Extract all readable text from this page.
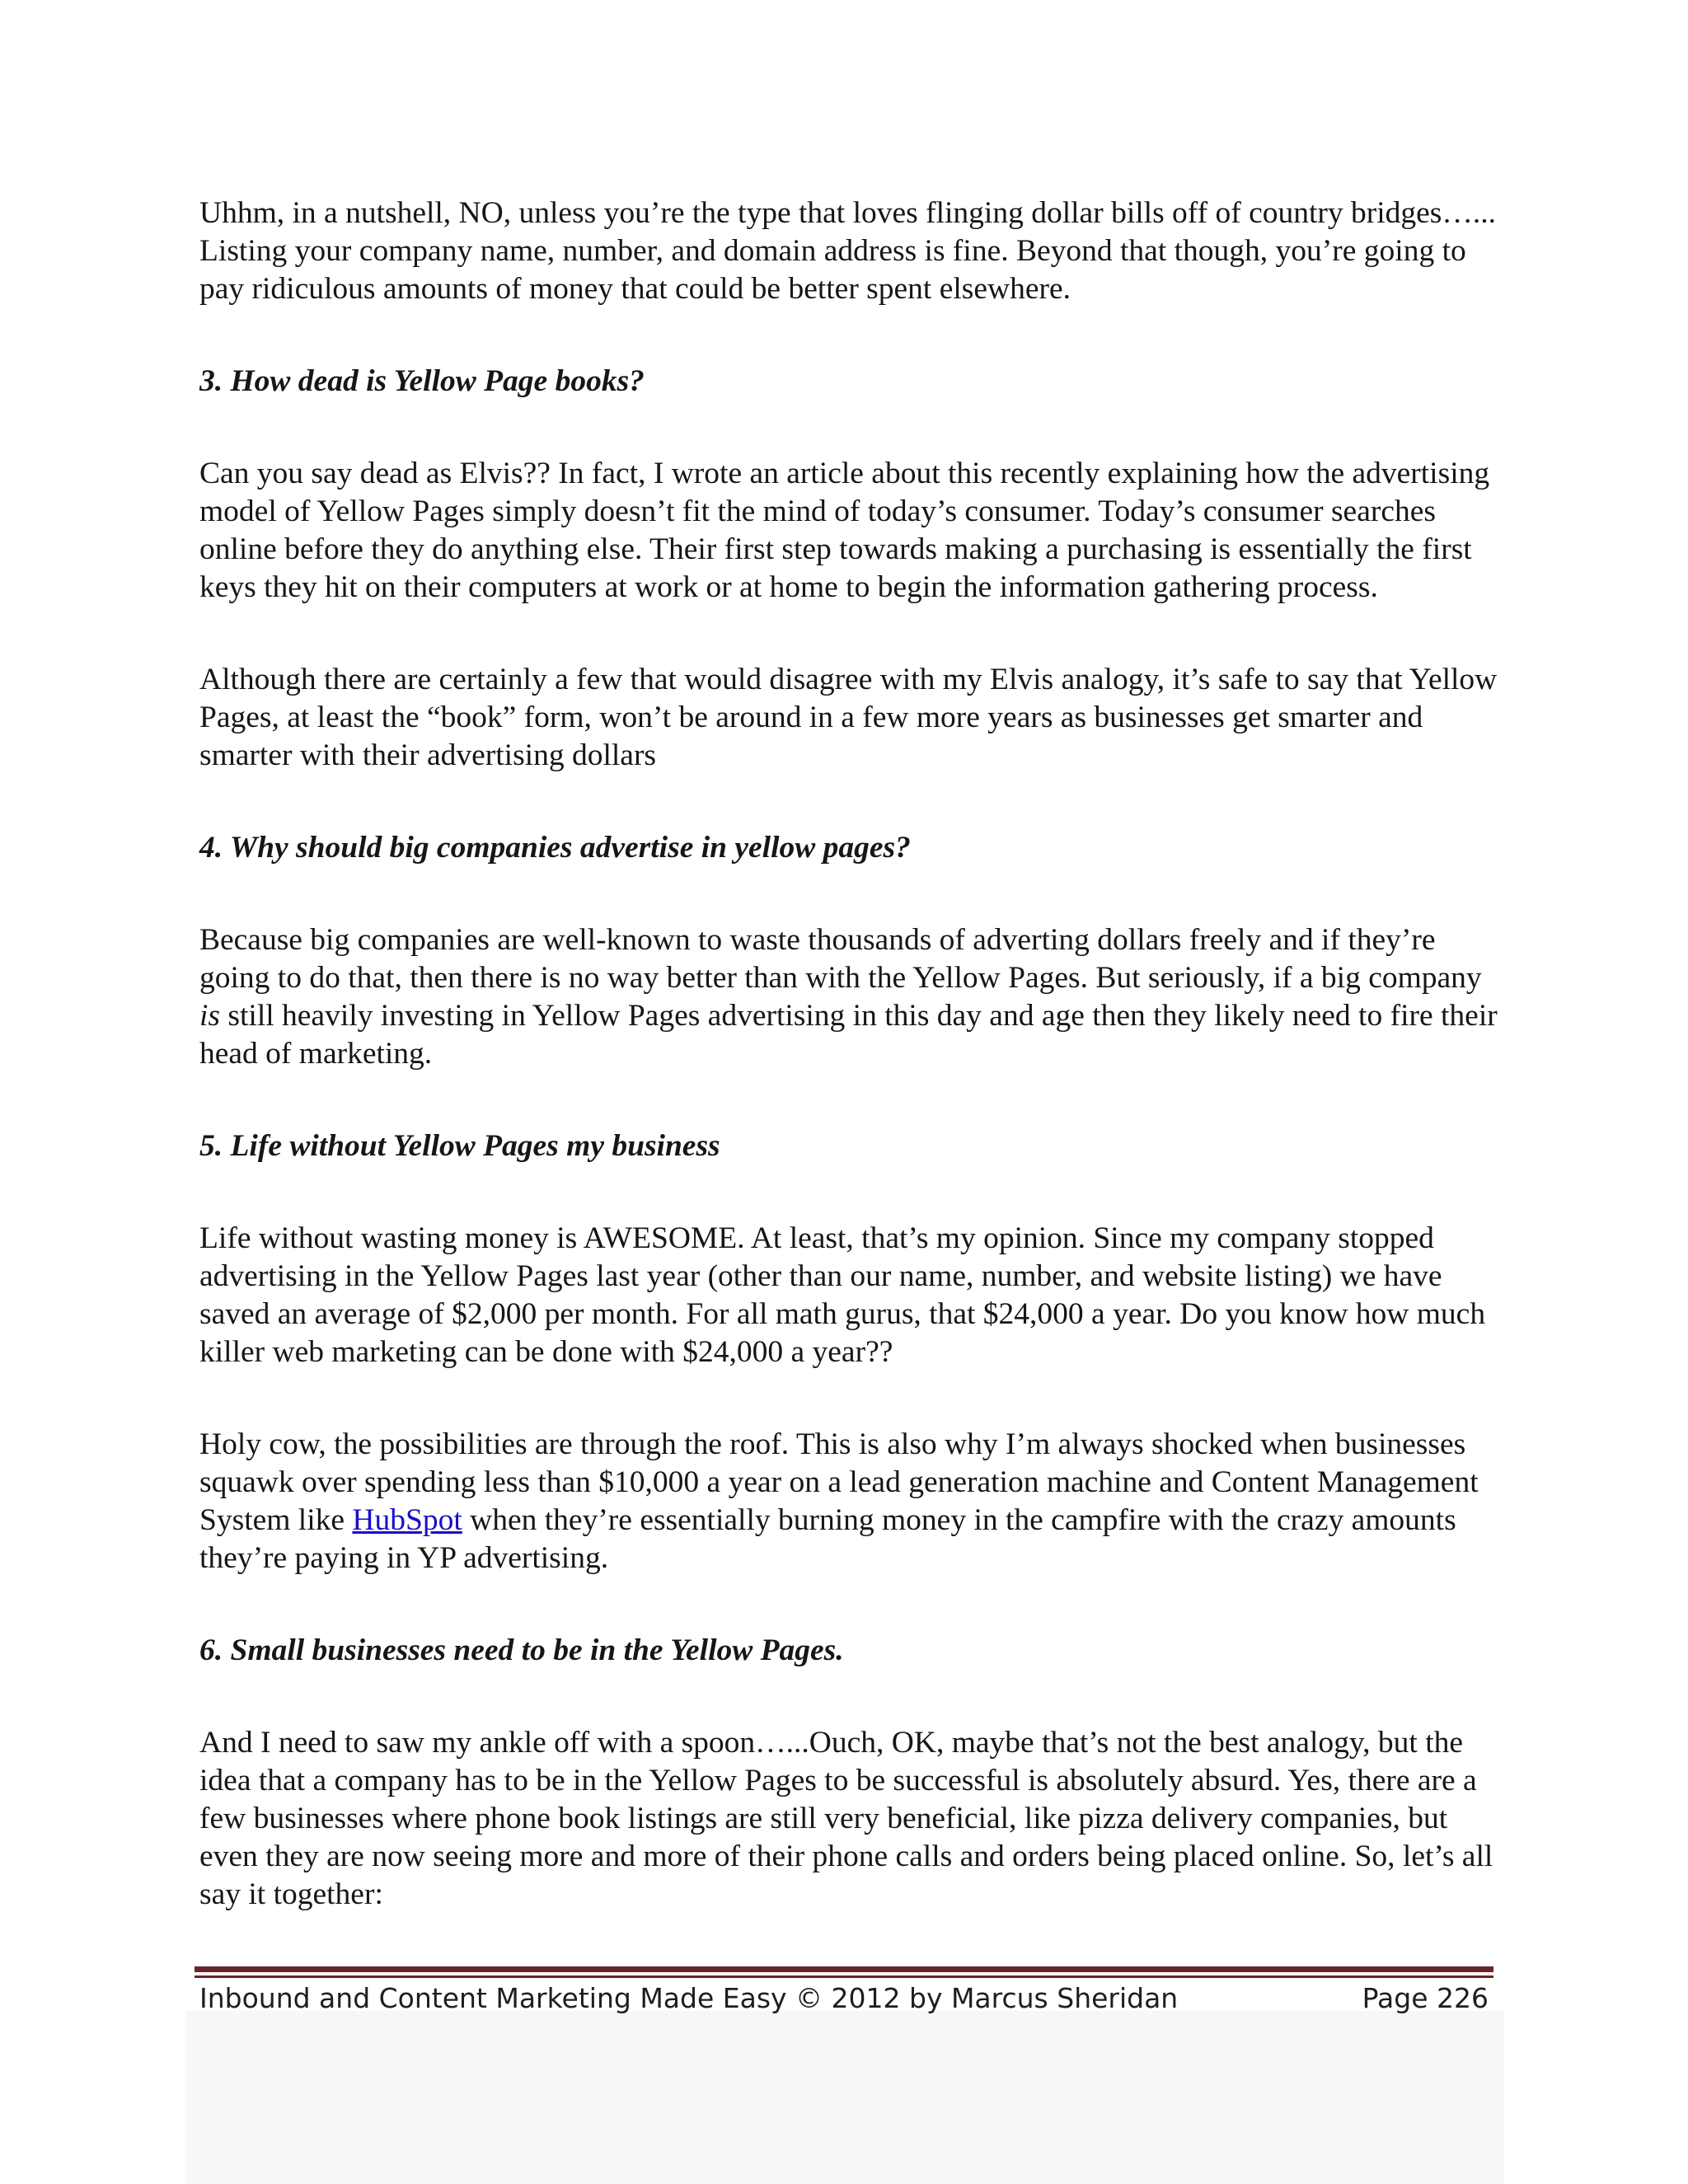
Uhhm, in a nutshell, NO, unless you’re the type that loves flinging dollar bills off of country bridges…... Listing your company name, number, and domain address is fine. Beyond that though, you’re going to pay ridiculous amounts of money that could be better spent elsewhere.

3. How dead is Yellow Page books?

Can you say dead as Elvis?? In fact, I wrote an article about this recently explaining how the advertising model of Yellow Pages simply doesn’t fit the mind of today’s consumer. Today’s consumer searches online before they do anything else. Their first step towards making a purchasing is essentially the first keys they hit on their computers at work or at home to begin the information gathering process.

Although there are certainly a few that would disagree with my Elvis analogy, it’s safe to say that Yellow Pages, at least the “book” form, won’t be around in a few more years as businesses get smarter and smarter with their advertising dollars

4. Why should big companies advertise in yellow pages?

Because big companies are well-known to waste thousands of adverting dollars freely and if they’re going to do that, then there is no way better than with the Yellow Pages. But seriously, if a big company is still heavily investing in Yellow Pages advertising in this day and age then they likely need to fire their head of marketing.

5. Life without Yellow Pages my business

Life without wasting money is AWESOME. At least, that’s my opinion. Since my company stopped advertising in the Yellow Pages last year (other than our name, number, and website listing) we have saved an average of $2,000 per month. For all math gurus, that $24,000 a year. Do you know how much killer web marketing can be done with $24,000 a year??

Holy cow, the possibilities are through the roof. This is also why I’m always shocked when businesses squawk over spending less than $10,000 a year on a lead generation machine and Content Management System like HubSpot when they’re essentially burning money in the campfire with the crazy amounts they’re paying in YP advertising.

6. Small businesses need to be in the Yellow Pages.

And I need to saw my ankle off with a spoon…...Ouch, OK, maybe that’s not the best analogy, but the idea that a company has to be in the Yellow Pages to be successful is absolutely absurd. Yes, there are a few businesses where phone book listings are still very beneficial, like pizza delivery companies, but even they are now seeing more and more of their phone calls and orders being placed online. So, let’s all say it together:

Inbound and Content Marketing Made Easy © 2012 by Marcus Sheridan	Page 226
